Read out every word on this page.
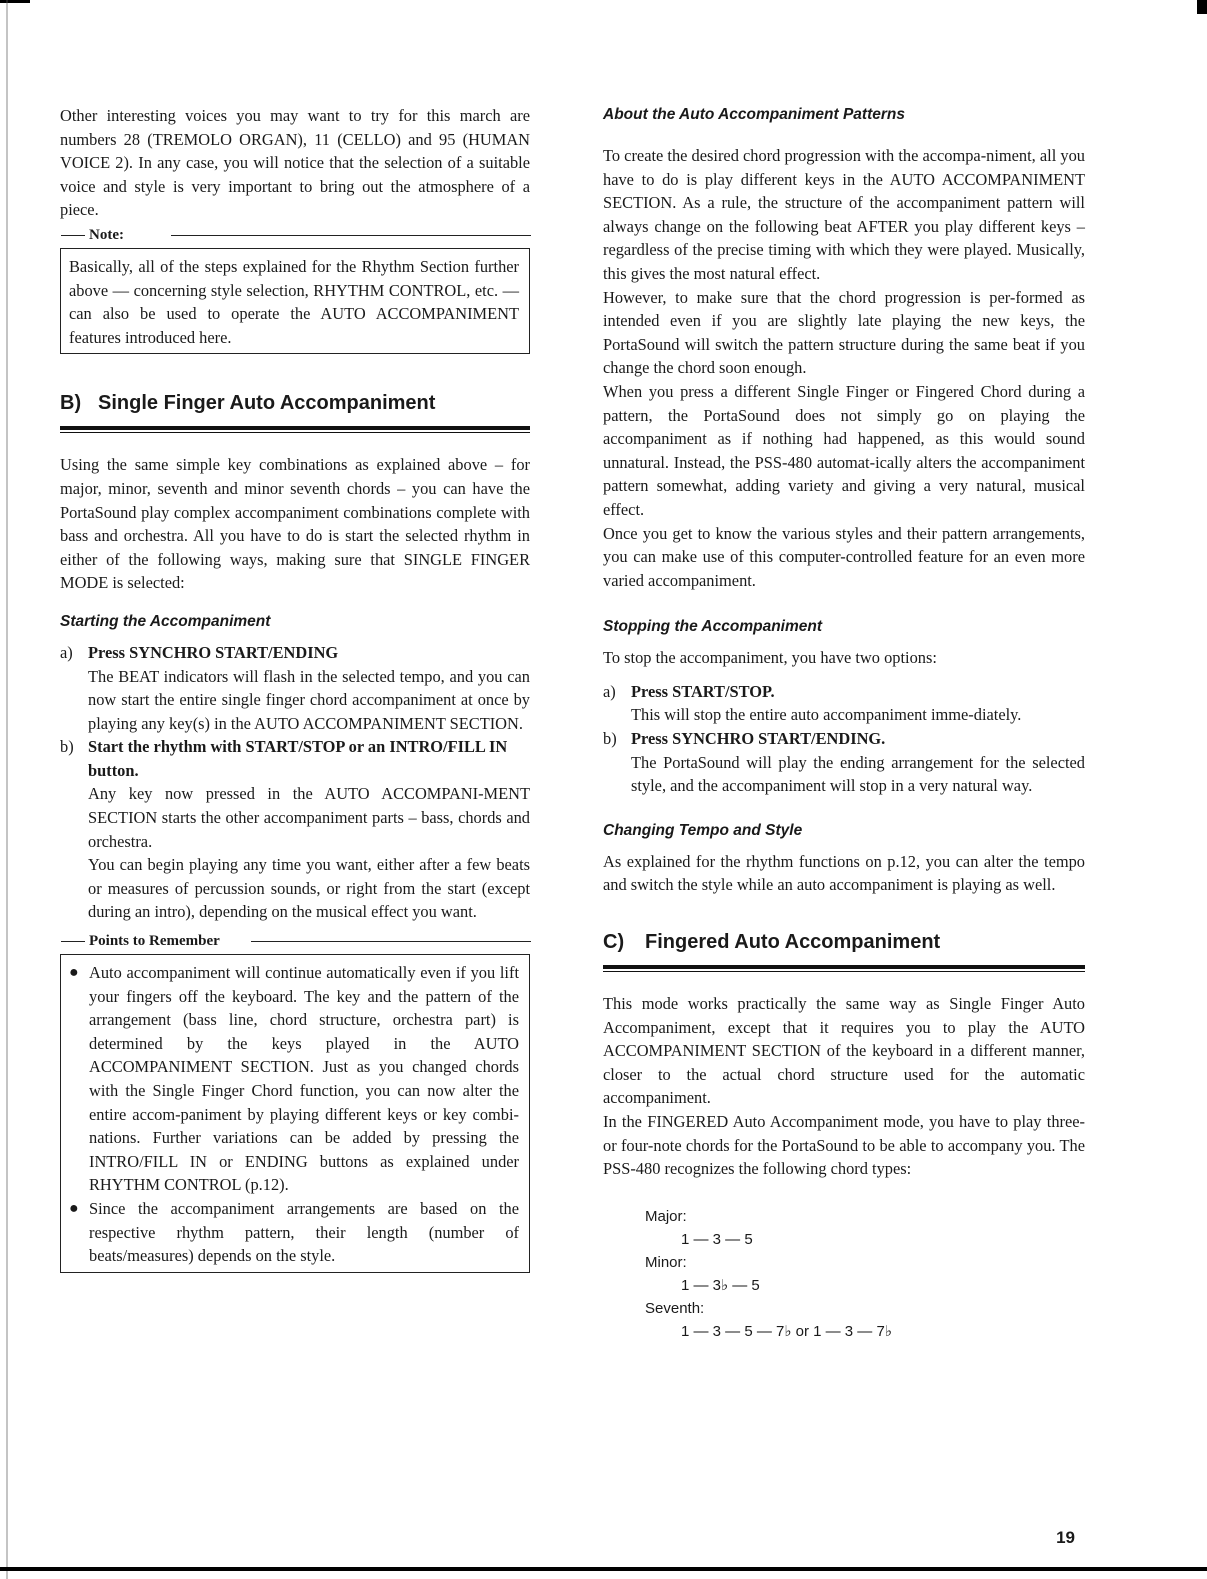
Other interesting voices you may want to try for this march are numbers 28 (TREMOLO ORGAN), 11 (CELLO) and 95 (HUMAN VOICE 2). In any case, you will notice that the selection of a suitable voice and style is very important to bring out the atmosphere of a piece.

Note:

Basically, all of the steps explained for the Rhythm Section further above — concerning style selection, RHYTHM CONTROL, etc. — can also be used to operate the AUTO ACCOMPANIMENT features introduced here.

B) Single Finger Auto Accompaniment

Using the same simple key combinations as explained above – for major, minor, seventh and minor seventh chords – you can have the PortaSound play complex accompaniment combinations complete with bass and orchestra. All you have to do is start the selected rhythm in either of the following ways, making sure that SINGLE FINGER MODE is selected:

Starting the Accompaniment
a) Press SYNCHRO START/ENDING

The BEAT indicators will flash in the selected tempo, and you can now start the entire single finger chord accompaniment at once by playing any key(s) in the AUTO ACCOMPANIMENT SECTION.

b) Start the rhythm with START/STOP or an INTRO/FILL IN button.

Any key now pressed in the AUTO ACCOMPANI-MENT SECTION starts the other accompaniment parts – bass, chords and orchestra.

You can begin playing any time you want, either after a few beats or measures of percussion sounds, or right from the start (except during an intro), depending on the musical effect you want.

Points to Remember
● Auto accompaniment will continue automatically even if you lift your fingers off the keyboard. The key and the pattern of the arrangement (bass line, chord structure, orchestra part) is determined by the keys played in the AUTO ACCOMPANIMENT SECTION. Just as you changed chords with the Single Finger Chord function, you can now alter the entire accom-paniment by playing different keys or key combi-nations. Further variations can be added by pressing the INTRO/FILL IN or ENDING buttons as explained under RHYTHM CONTROL (p.12).

● Since the accompaniment arrangements are based on the respective rhythm pattern, their length (number of beats/measures) depends on the style.

About the Auto Accompaniment Patterns

To create the desired chord progression with the accompa-niment, all you have to do is play different keys in the AUTO ACCOMPANIMENT SECTION. As a rule, the structure of the accompaniment pattern will always change on the following beat AFTER you play different keys – regardless of the precise timing with which they were played. Musically, this gives the most natural effect.

However, to make sure that the chord progression is per-formed as intended even if you are slightly late playing the new keys, the PortaSound will switch the pattern structure during the same beat if you change the chord soon enough.

When you press a different Single Finger or Fingered Chord during a pattern, the PortaSound does not simply go on playing the accompaniment as if nothing had happened, as this would sound unnatural. Instead, the PSS-480 automat-ically alters the accompaniment pattern somewhat, adding variety and giving a very natural, musical effect.

Once you get to know the various styles and their pattern arrangements, you can make use of this computer-controlled feature for an even more varied accompaniment.

Stopping the Accompaniment

To stop the accompaniment, you have two options:

a) Press START/STOP.

This will stop the entire auto accompaniment imme-diately.

b) Press SYNCHRO START/ENDING.

The PortaSound will play the ending arrangement for the selected style, and the accompaniment will stop in a very natural way.

Changing Tempo and Style

As explained for the rhythm functions on p.12, you can alter the tempo and switch the style while an auto accompaniment is playing as well.

C)	Fingered Auto Accompaniment

This mode works practically the same way as Single Finger Auto Accompaniment, except that it requires you to play the AUTO ACCOMPANIMENT SECTION of the keyboard in a different manner, closer to the actual chord structure used for the automatic accompaniment.

In the FINGERED Auto Accompaniment mode, you have to play three- or four-note chords for the PortaSound to be able to accompany you. The PSS-480 recognizes the following chord types:

Major:
1 — 3 — 5
Minor:
1 — 3♭ — 5
Seventh:
1 — 3 — 5 — 7♭ or 1 — 3 — 7♭
19
